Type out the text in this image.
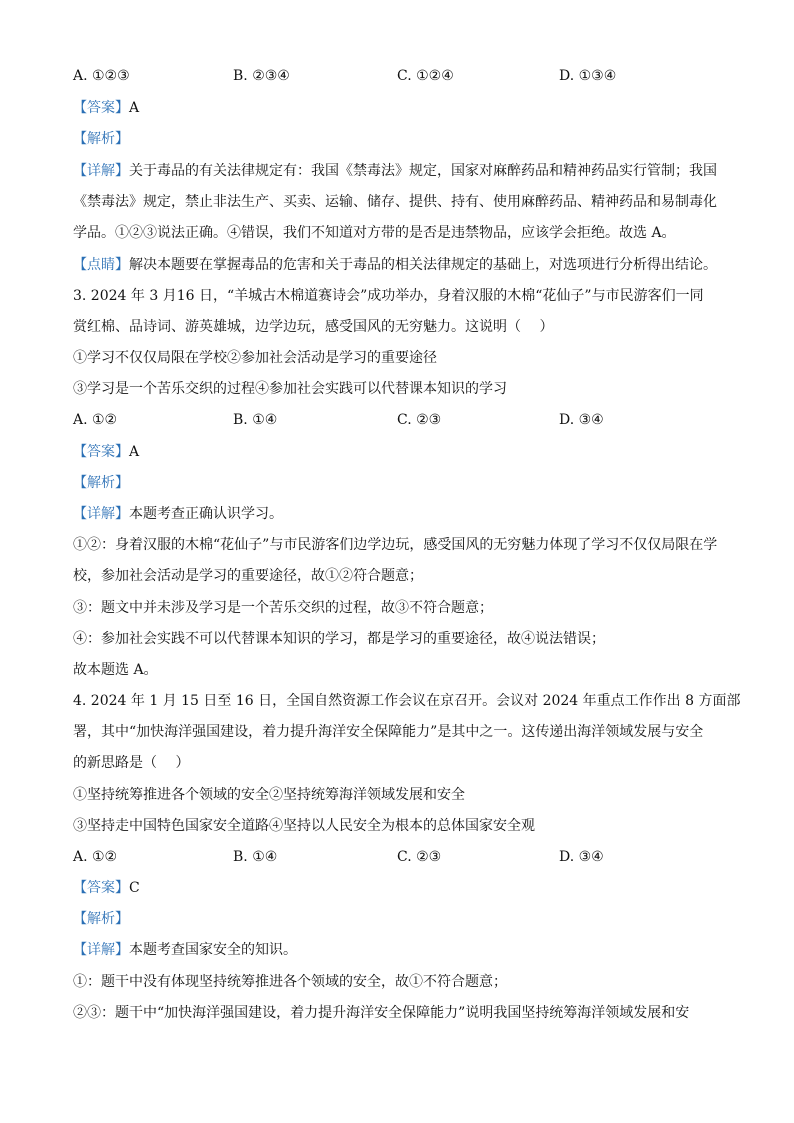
A. ①②③	B. ②③④	C. ①②④	D. ①③④
【答案】A
【解析】
【详解】关于毒品的有关法律规定有：我国《禁毒法》规定，国家对麻醉药品和精神药品实行管制；我国
《禁毒法》规定，禁止非法生产、买卖、运输、储存、提供、持有、使用麻醉药品、精神药品和易制毒化
学品。①②③说法正确。④错误，我们不知道对方带的是否是违禁物品，应该学会拒绝。故选 A。
【点睛】解决本题要在掌握毒品的危害和关于毒品的相关法律规定的基础上，对选项进行分析得出结论。
3. 2024 年 3 月16 日，“羊城古木棉道赛诗会”成功举办，身着汉服的木棉“花仙子”与市民游客们一同
赏红棉、品诗词、游英雄城，边学边玩，感受国风的无穷魅力。这说明（　 ）
①学习不仅仅局限在学校②参加社会活动是学习的重要途径
③学习是一个苦乐交织的过程④参加社会实践可以代替课本知识的学习
A. ①②	B. ①④	C. ②③	D. ③④
【答案】A
【解析】
【详解】本题考查正确认识学习。
①②：身着汉服的木棉“花仙子”与市民游客们边学边玩，感受国风的无穷魅力体现了学习不仅仅局限在学
校，参加社会活动是学习的重要途径，故①②符合题意；
③：题文中并未涉及学习是一个苦乐交织的过程，故③不符合题意；
④：参加社会实践不可以代替课本知识的学习，都是学习的重要途径，故④说法错误；
故本题选 A。
4. 2024 年 1 月 15 日至 16 日，全国自然资源工作会议在京召开。会议对 2024 年重点工作作出 8 方面部
署，其中“加快海洋强国建设，着力提升海洋安全保障能力”是其中之一。这传递出海洋领域发展与安全
的新思路是（　 ）
①坚持统筹推进各个领域的安全②坚持统筹海洋领域发展和安全
③坚持走中国特色国家安全道路④坚持以人民安全为根本的总体国家安全观
A. ①②	B. ①④	C. ②③	D. ③④
【答案】C
【解析】
【详解】本题考查国家安全的知识。
①：题干中没有体现坚持统筹推进各个领域的安全，故①不符合题意；
②③：题干中“加快海洋强国建设，着力提升海洋安全保障能力”说明我国坚持统筹海洋领域发展和安
